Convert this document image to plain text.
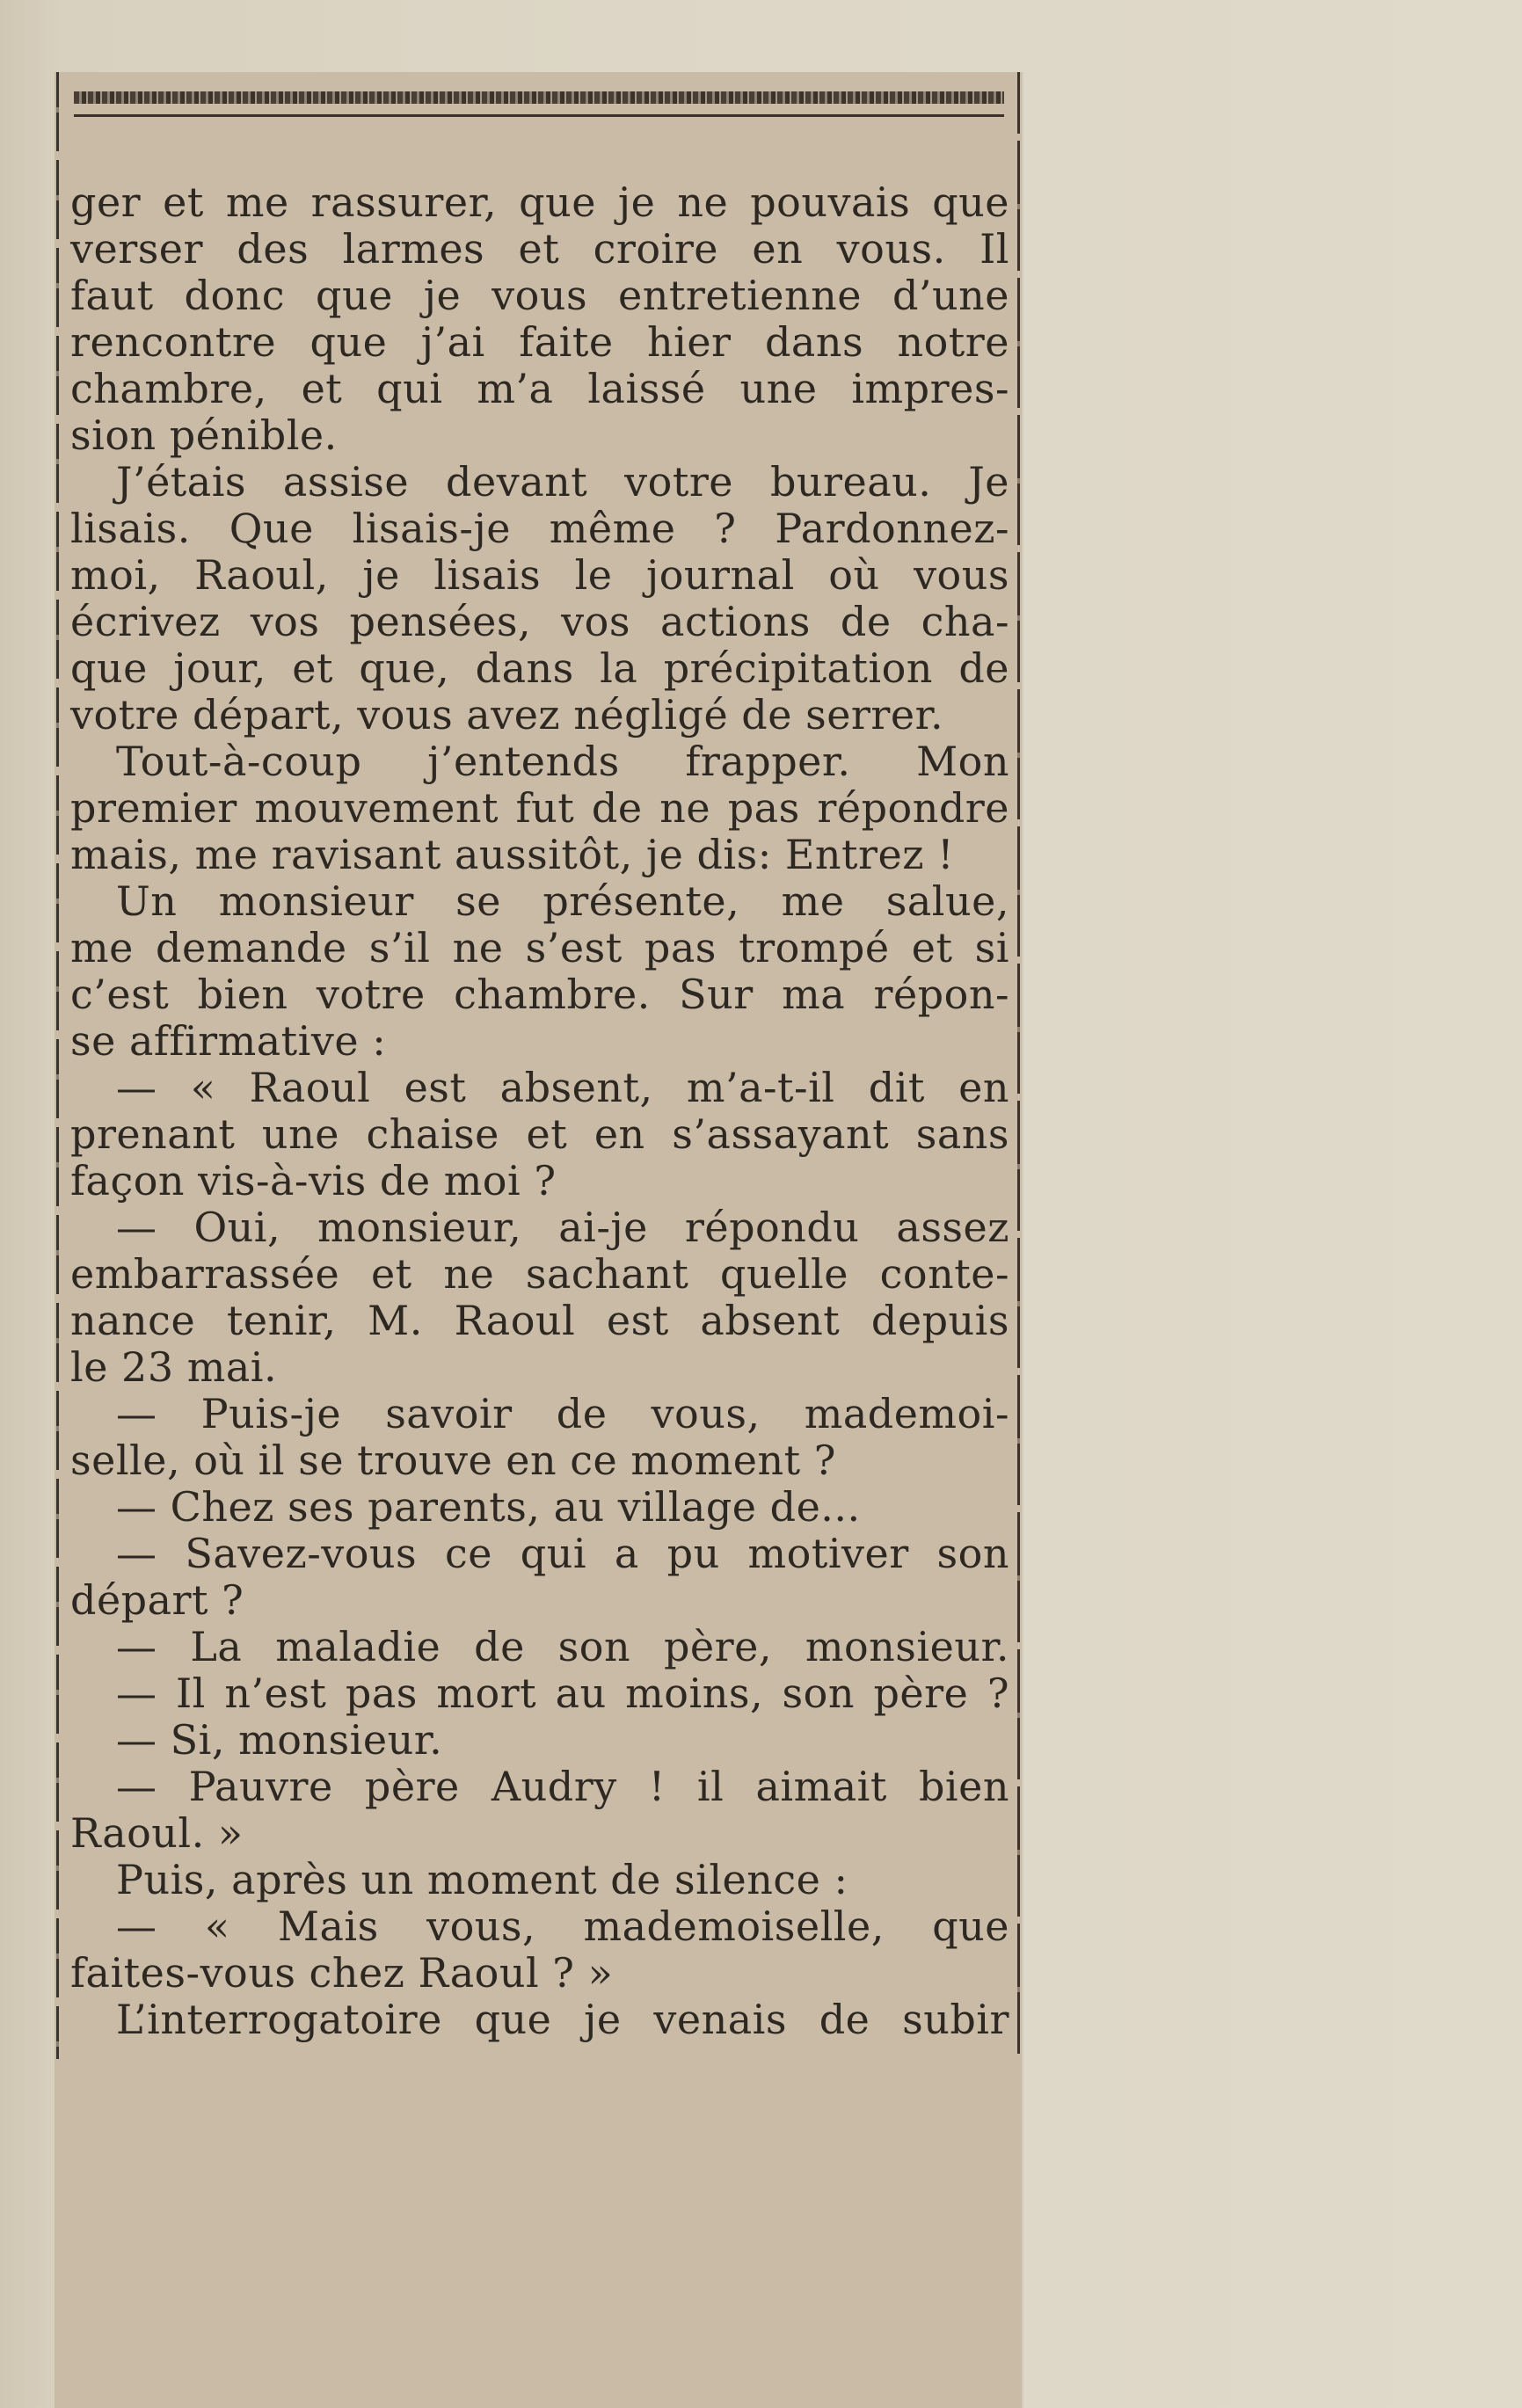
ger et me rassurer, que je ne pouvais que
verser des larmes et croire en vous. Il
faut donc que je vous entretienne d’une
rencontre que j’ai faite hier dans notre
chambre, et qui m’a laissé une impres-
sion pénible.
J’étais assise devant votre bureau. Je
lisais. Que lisais-je même ? Pardonnez-
moi, Raoul, je lisais le journal où vous
écrivez vos pensées, vos actions de cha-
que jour, et que, dans la précipitation de
votre départ, vous avez négligé de serrer.
Tout-à-coup j’entends frapper. Mon
premier mouvement fut de ne pas répondre
mais, me ravisant aussitôt, je dis: Entrez !
Un monsieur se présente, me salue,
me demande s’il ne s’est pas trompé et si
c’est bien votre chambre. Sur ma répon-
se affirmative :
— « Raoul est absent, m’a-t-il dit en
prenant une chaise et en s’assayant sans
façon vis-à-vis de moi ?
— Oui, monsieur, ai-je répondu assez
embarrassée et ne sachant quelle conte-
nance tenir, M. Raoul est absent depuis
le 23 mai.
— Puis-je savoir de vous, mademoi-
selle, où il se trouve en ce moment ?
— Chez ses parents, au village de...
— Savez-vous ce qui a pu motiver son
départ ?
— La maladie de son père, monsieur.
— Il n’est pas mort au moins, son père ?
— Si, monsieur.
— Pauvre père Audry ! il aimait bien
Raoul. »
Puis, après un moment de silence :
— « Mais vous, mademoiselle, que
faites-vous chez Raoul ? »
L’interrogatoire que je venais de subir
